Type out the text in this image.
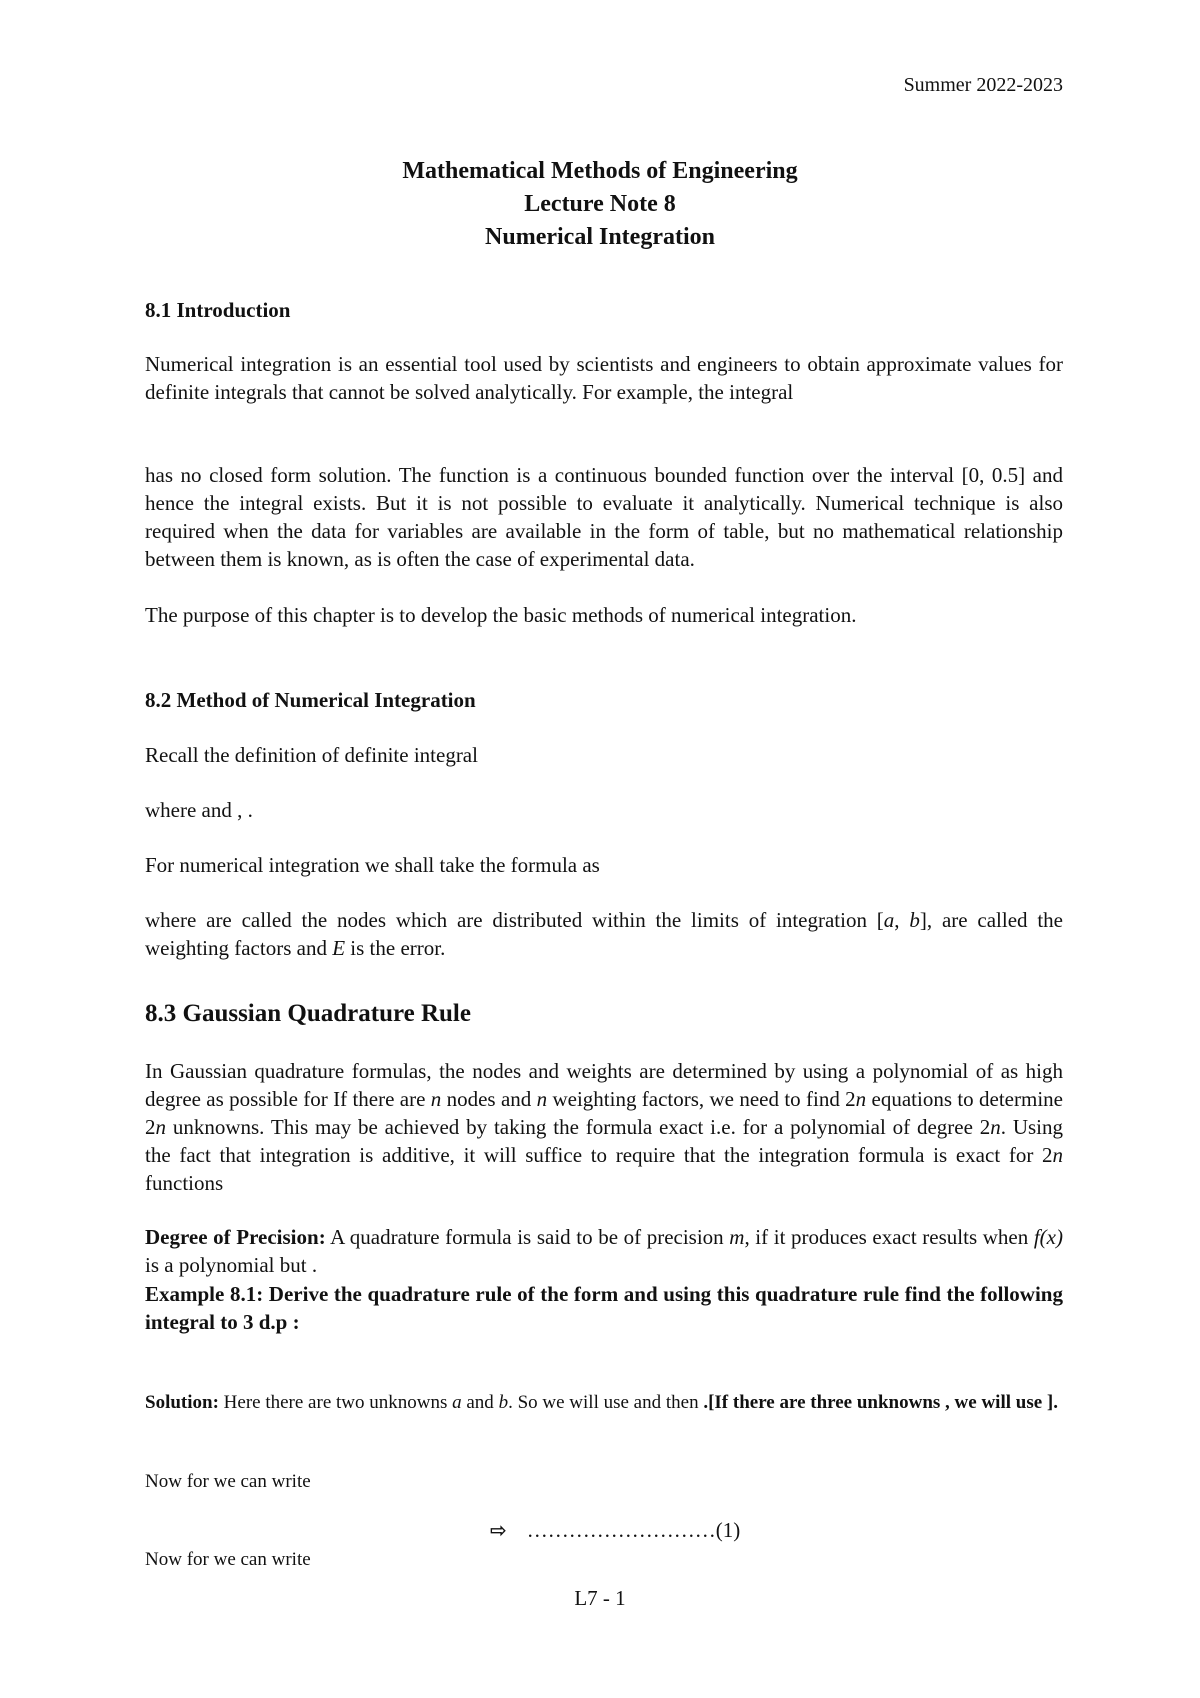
Summer 2022-2023
Mathematical Methods of Engineering
Lecture Note 8
Numerical Integration
8.1 Introduction
Numerical integration is an essential tool used by scientists and engineers to obtain approximate values for definite integrals that cannot be solved analytically. For example, the integral
has no closed form solution. The function is a continuous bounded function over the interval [0, 0.5] and hence the integral exists. But it is not possible to evaluate it analytically. Numerical technique is also required when the data for variables are available in the form of table, but no mathematical relationship between them is known, as is often the case of experimental data.
The purpose of this chapter is to develop the basic methods of numerical integration.
8.2 Method of Numerical Integration
Recall the definition of definite integral
where and , .
For numerical integration we shall take the formula as
where are called the nodes which are distributed within the limits of integration [a, b], are called the weighting factors and E is the error.
8.3 Gaussian Quadrature Rule
In Gaussian quadrature formulas, the nodes and weights are determined by using a polynomial of as high degree as possible for If there are n nodes and n weighting factors, we need to find 2n equations to determine 2n unknowns. This may be achieved by taking the formula exact i.e. for a polynomial of degree 2n. Using the fact that integration is additive, it will suffice to require that the integration formula is exact for 2n functions
Degree of Precision: A quadrature formula is said to be of precision m, if it produces exact results when f(x) is a polynomial but .
Example 8.1: Derive the quadrature rule of the form and using this quadrature rule find the following integral to 3 d.p :
Solution: Here there are two unknowns a and b. So we will use and then .[If there are three unknowns , we will use ].
Now for we can write
⇨ ………………………(1)
Now for we can write
L7 - 1
